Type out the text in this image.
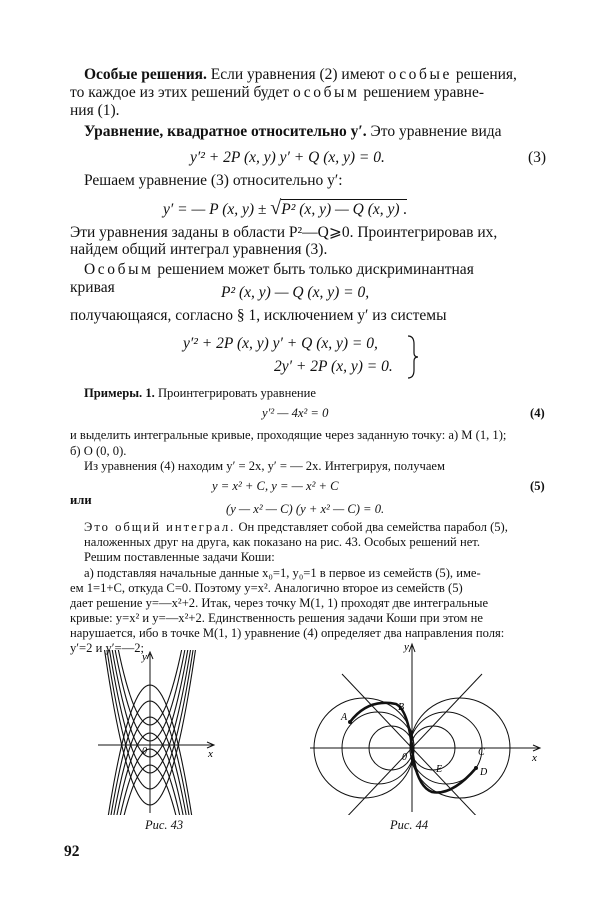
Особые решения. Если уравнения (2) имеют особые решения,
то каждое из этих решений будет особым решением уравне-
ния (1).
Уравнение, квадратное относительно y′. Это уравнение вида
y′² + 2P (x, y) y′ + Q (x, y) = 0.	(3)
Решаем уравнение (3) относительно y′:
y′ = — P (x, y) ± √P² (x, y) — Q (x, y) .
Эти уравнения заданы в области P²—Q⩾0. Проинтегрировав их,
найдем общий интеграл уравнения (3).
Особым решением может быть только дискриминантная
кривая	P² (x, y) — Q (x, y) = 0,
получающаяся, согласно § 1, исключением y′ из системы
y′² + 2P (x, y) y′ + Q (x, y) = 0,
2y′ + 2P (x, y) = 0.
Примеры. 1. Проинтегрировать уравнение
y′² — 4x² = 0	(4)
и выделить интегральные кривые, проходящие через заданную точку: а) M (1, 1);
б) O (0, 0).
Из уравнения (4) находим y′ = 2x, y′ = — 2x. Интегрируя, получаем
y = x² + C, y = — x² + C	(5)
или
(y — x² — C) (y + x² — C) = 0.
Это общий интеграл. Он представляет собой два семейства парабол (5),
наложенных друг на друга, как показано на рис. 43. Особых решений нет.
Решим поставленные задачи Коши:
а) подставляя начальные данные x₀=1, y₀=1 в первое из семейств (5), име-
ем 1=1+C, откуда C=0. Поэтому y=x². Аналогично второе из семейств (5)
дает решение y=—x²+2. Итак, через точку M(1, 1) проходят две интегральные
кривые: y=x² и y=—x²+2. Единственность решения задачи Коши при этом не
нарушается, ибо в точке M(1, 1) уравнение (4) определяет два направления поля:
y′=2 и y′=—2;
y
x
0
Рис. 43
y
x
0
A
B
C
D
E
Рис. 44
92
